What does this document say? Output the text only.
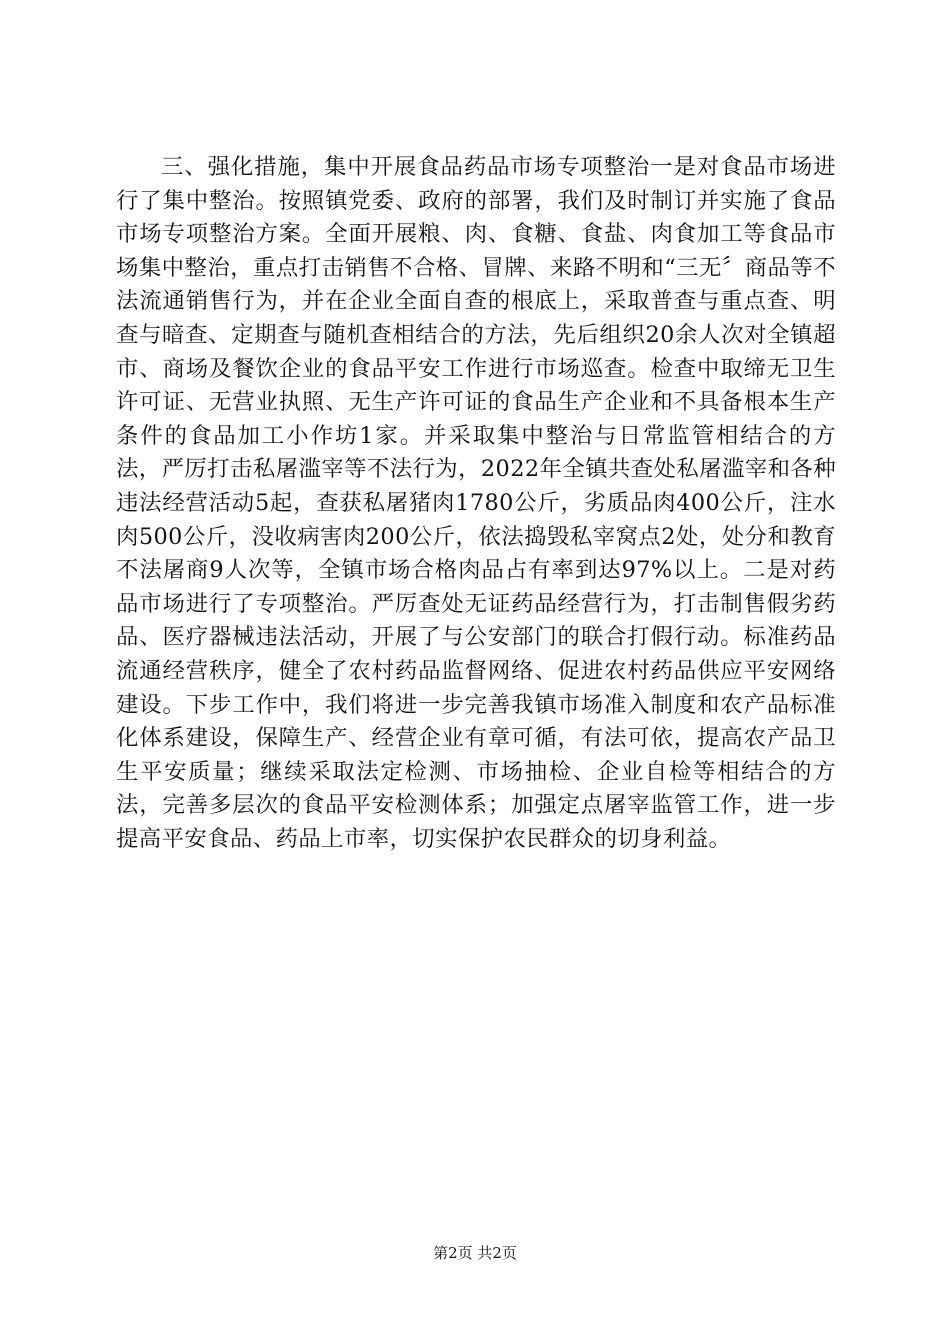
三、强化措施，集中开展食品药品市场专项整治一是对食品市场进行了集中整治。按照镇党委、政府的部署，我们及时制订并实施了食品市场专项整治方案。全面开展粮、肉、食糖、食盐、肉食加工等食品市场集中整治，重点打击销售不合格、冒牌、来路不明和“三无〞商品等不法流通销售行为，并在企业全面自查的根底上，采取普查与重点查、明查与暗查、定期查与随机查相结合的方法，先后组织20余人次对全镇超市、商场及餐饮企业的食品平安工作进行市场巡查。检查中取缔无卫生许可证、无营业执照、无生产许可证的食品生产企业和不具备根本生产条件的食品加工小作坊1家。并采取集中整治与日常监管相结合的方法，严厉打击私屠滥宰等不法行为，2022年全镇共查处私屠滥宰和各种违法经营活动5起，查获私屠猪肉1780公斤，劣质品肉400公斤，注水肉500公斤，没收病害肉200公斤，依法捣毁私宰窝点2处，处分和教育不法屠商9人次等，全镇市场合格肉品占有率到达97%以上。二是对药品市场进行了专项整治。严厉查处无证药品经营行为，打击制售假劣药品、医疗器械违法活动，开展了与公安部门的联合打假行动。标准药品流通经营秩序，健全了农村药品监督网络、促进农村药品供应平安网络建设。下步工作中，我们将进一步完善我镇市场准入制度和农产品标准化体系建设，保障生产、经营企业有章可循，有法可依，提高农产品卫生平安质量；继续采取法定检测、市场抽检、企业自检等相结合的方法，完善多层次的食品平安检测体系；加强定点屠宰监管工作，进一步提高平安食品、药品上市率，切实保护农民群众的切身利益。

第2页 共2页
